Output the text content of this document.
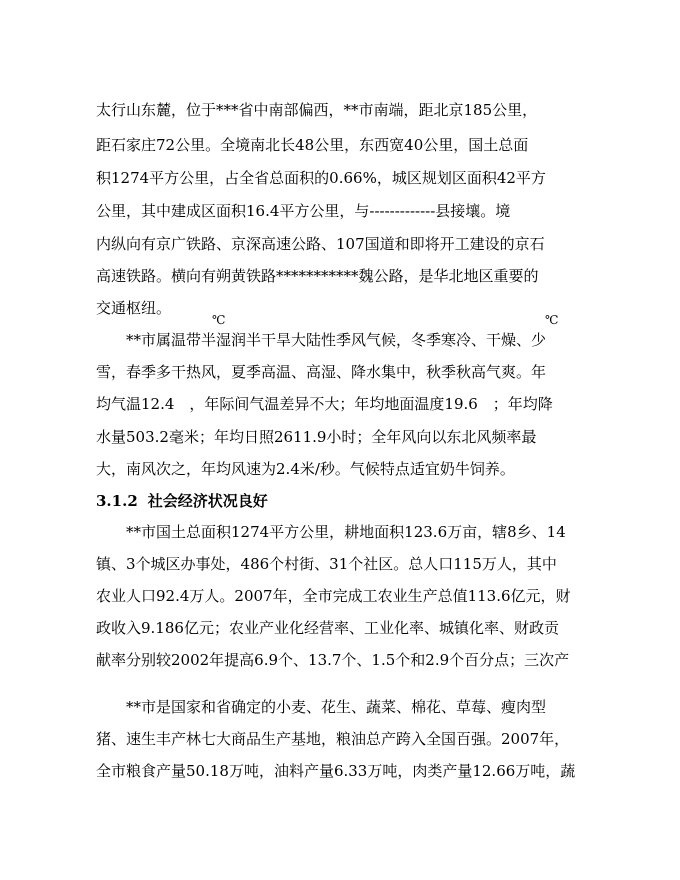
太行山东麓，位于***省中南部偏西，**市南端，距北京185公里，
距石家庄72公里。全境南北长48公里，东西宽40公里，国土总面
积1274平方公里，占全省总面积的0.66%，城区规划区面积42平方
公里，其中建成区面积16.4平方公里，与-------------县接壤。境
内纵向有京广铁路、京深高速公路、107国道和即将开工建设的京石
高速铁路。横向有朔黄铁路***********魏公路，是华北地区重要的
交通枢纽。
℃	℃
**市属温带半湿润半干旱大陆性季风气候，冬季寒冷、干燥、少
雪，春季多干热风，夏季高温、高湿、降水集中，秋季秋高气爽。年
均气温12.4　，年际间气温差异不大；年均地面温度19.6　；年均降
水量503.2毫米；年均日照2611.9小时；全年风向以东北风频率最
大，南风次之，年均风速为2.4米/秒。气候特点适宜奶牛饲养。
3.1.2 社会经济状况良好
**市国土总面积1274平方公里，耕地面积123.6万亩，辖8乡、14
镇、3个城区办事处，486个村街、31个社区。总人口115万人，其中
农业人口92.4万人。2007年，全市完成工农业生产总值113.6亿元，财
政收入9.186亿元；农业产业化经营率、工业化率、城镇化率、财政贡
献率分别较2002年提高6.9个、13.7个、1.5个和2.9个百分点；三次产
**市是国家和省确定的小麦、花生、蔬菜、棉花、草莓、瘦肉型
猪、速生丰产林七大商品生产基地，粮油总产跨入全国百强。2007年，
全市粮食产量50.18万吨，油料产量6.33万吨，肉类产量12.66万吨，蔬
